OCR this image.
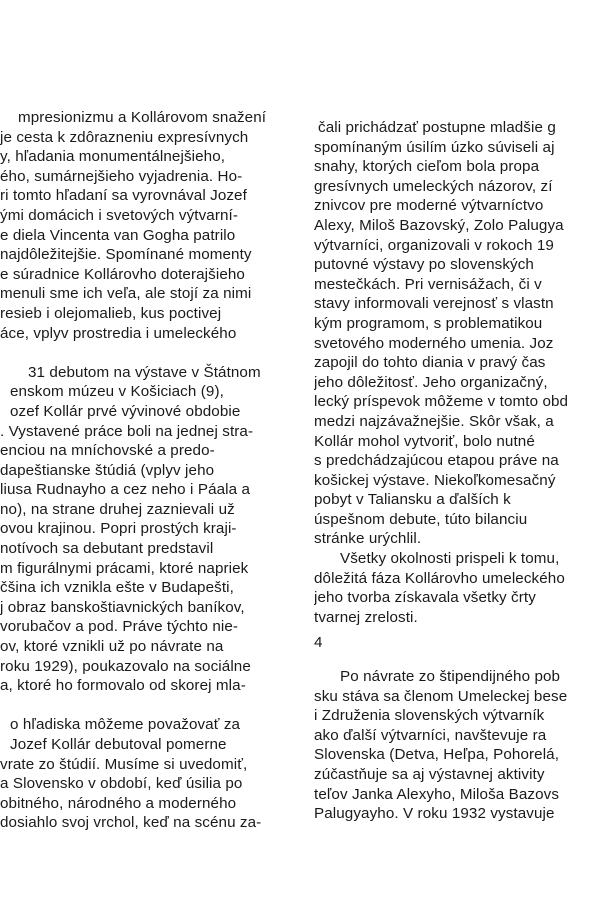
mpresionizmu a Kollárovom snažení
je cesta k zdôrazneniu expresívnych
y, hľadania monumentálnejšieho,
ého, sumárnejšieho vyjadrenia. Ho-
ri tomto hľadaní sa vyrovnával Jozef
ými domácich i svetových výtvarní-
e diela Vincenta van Gogha patrilo
najdôležitejšie. Spomínané momenty
e súradnice Kollárovho doterajšieho
menuli sme ich veľa, ale stojí za nimi
resieb i olejomalieb, kus poctivej
áce, vplyv prostredia i umeleckého
31 debutom na výstave v Štátnom
enskom múzeu v Košiciach (9),
ozef Kollár prvé vývinové obdobie
. Vystavené práce boli na jednej stra-
enciou na mníchovské a predo-
dapeštianske štúdiá (vplyv jeho
liusa Rudnayho a cez neho i Páala a
no), na strane druhej zaznievali už
ovou krajinou. Popri prostých kraji-
notívoch sa debutant predstavil
m figurálnymi prácami, ktoré napriek
čšina ich vznikla ešte v Budapešti,
j obraz banskoštiavnických baníkov,
vorubačov a pod. Práve týchto nie-
ov, ktoré vznikli už po návrate na
roku 1929), poukazovalo na sociálne
a, ktoré ho formovalo od skorej mla-
o hľadiska môžeme považovať za
Jozef Kollár debutoval pomerne
vrate zo štúdií. Musíme si uvedomiť,
a Slovensko v období, keď úsilia po
obitného, národného a moderného
dosiahlo svoj vrchol, keď na scénu za-
čali prichádzať postupne mladšie g
spomínaným úsilím úzko súviseli aj
snahy, ktorých cieľom bola propa
gresívnych umeleckých názorov, zí
znivcov pre moderné výtvarníctvo
Alexy, Miloš Bazovský, Zolo Palugya
výtvarníci, organizovali v rokoch 19
putovné výstavy po slovenských
mestečkách. Pri vernisážach, či v
stavy informovali verejnosť s vlastn
kým programom, s problematikou
svetového moderného umenia. Joz
zapojil do tohto diania v pravý čas
jeho dôležitosť. Jeho organizačný,
lecký príspevok môžeme v tomto obd
medzi najzávažnejšie. Skôr však, a
Kollár mohol vytvoriť, bolo nutné
s predchádzajúcou etapou práve na
košickej výstave. Niekoľkomesačný
pobyt v Taliansku a ďalších k
úspešnom debute, túto bilanciu
stránke urýchlil.
Všetky okolnosti prispeli k tomu,
dôležitá fáza Kollárovho umeleckého
jeho tvorba získavala všetky črty
tvarnej zrelosti.
4
Po návrate zo štipendijného pob
sku stáva sa členom Umeleckej bese
i Združenia slovenských výtvarník
ako ďalší výtvarníci, navštevuje ra
Slovenska (Detva, Heľpa, Pohorelá,
zúčastňuje sa aj výstavnej aktivity
teľov Janka Alexyho, Miloša Bazovs
Palugyayho. V roku 1932 vystavuje
